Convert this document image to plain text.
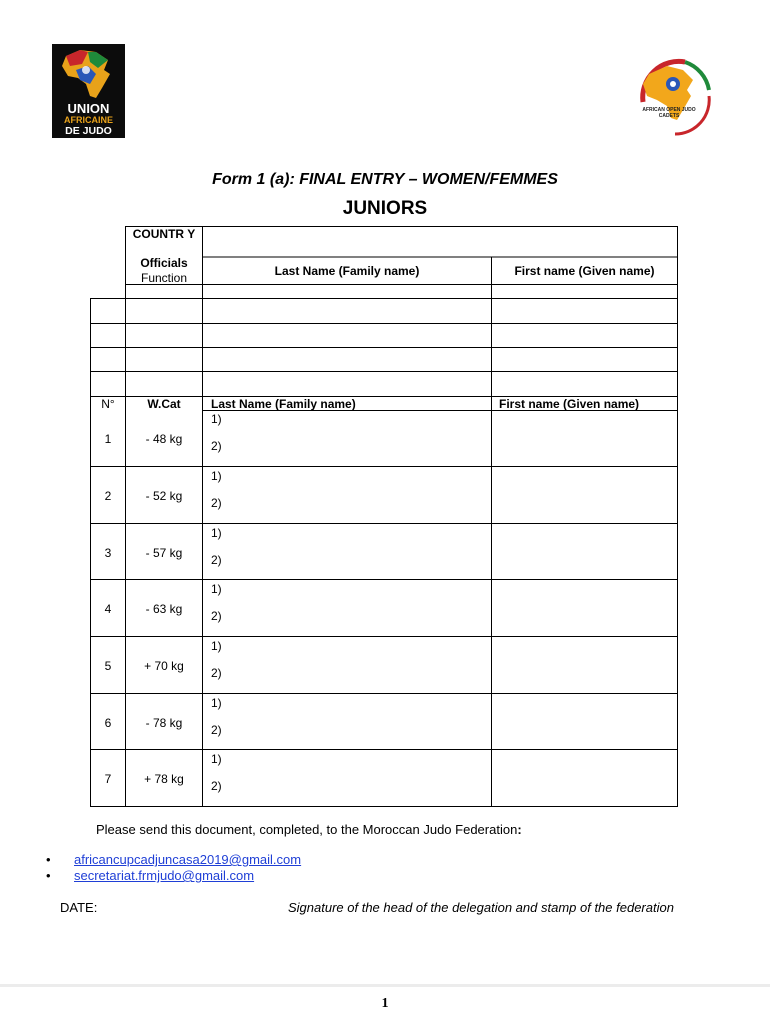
UNION
AFRICAINE
DE JUDO
AFRICAN OPEN JUDO CADETS
Form 1 (a): FINAL ENTRY – WOMEN/FEMMES
JUNIORS
COUNTR Y
Officials
Function	Last Name (Family name)	First name (Given name)
N°	W.Cat	Last Name (Family name)	First name (Given name)
1	- 48 kg
1)
2)
2	- 52 kg
1)
2)
3	- 57 kg
1)
2)
4	- 63 kg
1)
2)
5	+ 70 kg
1)
2)
6	- 78 kg
1)
2)
7	+ 78 kg
1)
2)
Please send this document, completed, to the Moroccan Judo Federation:
• africancupcadjuncasa2019@gmail.com
• secretariat.frmjudo@gmail.com
DATE:	Signature of the head of the delegation and stamp of the federation
1
